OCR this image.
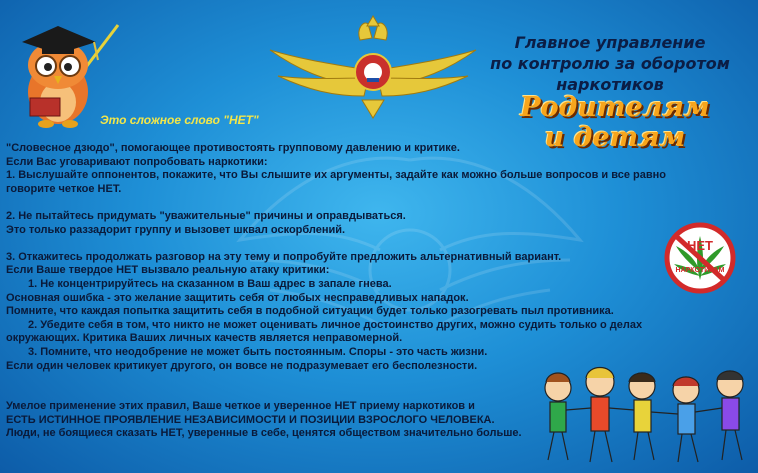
Главное управление
по контролю за оборотом
наркотиков
Родителям
и детям
Это сложное слово "НЕТ"

"Словесное дзюдо", помогающее противостоять групповому давлению и критике.

Если Вас уговаривают попробовать наркотики:

1. Выслушайте оппонентов, покажите, что Вы слышите их аргументы, задайте как можно больше вопросов и все равно

говорите четкое НЕТ.

2. Не пытайтесь придумать "уважительные" причины и оправдываться.

Это только раззадорит группу и вызовет шквал оскорблений.

3. Откажитесь продолжать разговор на эту тему и попробуйте предложить альтернативный вариант.

Если Ваше твердое НЕТ вызвало реальную атаку критики:

1. Не концентрируйтесь на сказанном в Ваш адрес в запале гнева.

Основная ошибка - это желание защитить себя от любых несправедливых нападок.

Помните, что каждая попытка защитить себя в подобной ситуации будет только разогревать пыл противника.

2. Убедите себя в том, что никто не может оценивать личное достоинство других, можно судить только о делах

окружающих. Критика Ваших личных качеств является неправомерной.

3. Помните, что неодобрение не может быть постоянным. Споры - это часть жизни.

Если один человек критикует другого, он вовсе не подразумевает его бесполезности.

Умелое применение этих правил, Ваше четкое и уверенное НЕТ приему наркотиков и

ЕСТЬ ИСТИННОЕ ПРОЯВЛЕНИЕ НЕЗАВИСИМОСТИ И ПОЗИЦИИ ВЗРОСЛОГО ЧЕЛОВЕКА.

Люди, не боящиеся сказать НЕТ, уверенные в себе, ценятся обществом значительно больше.

НЕТ
НАРКОТИКАМ
